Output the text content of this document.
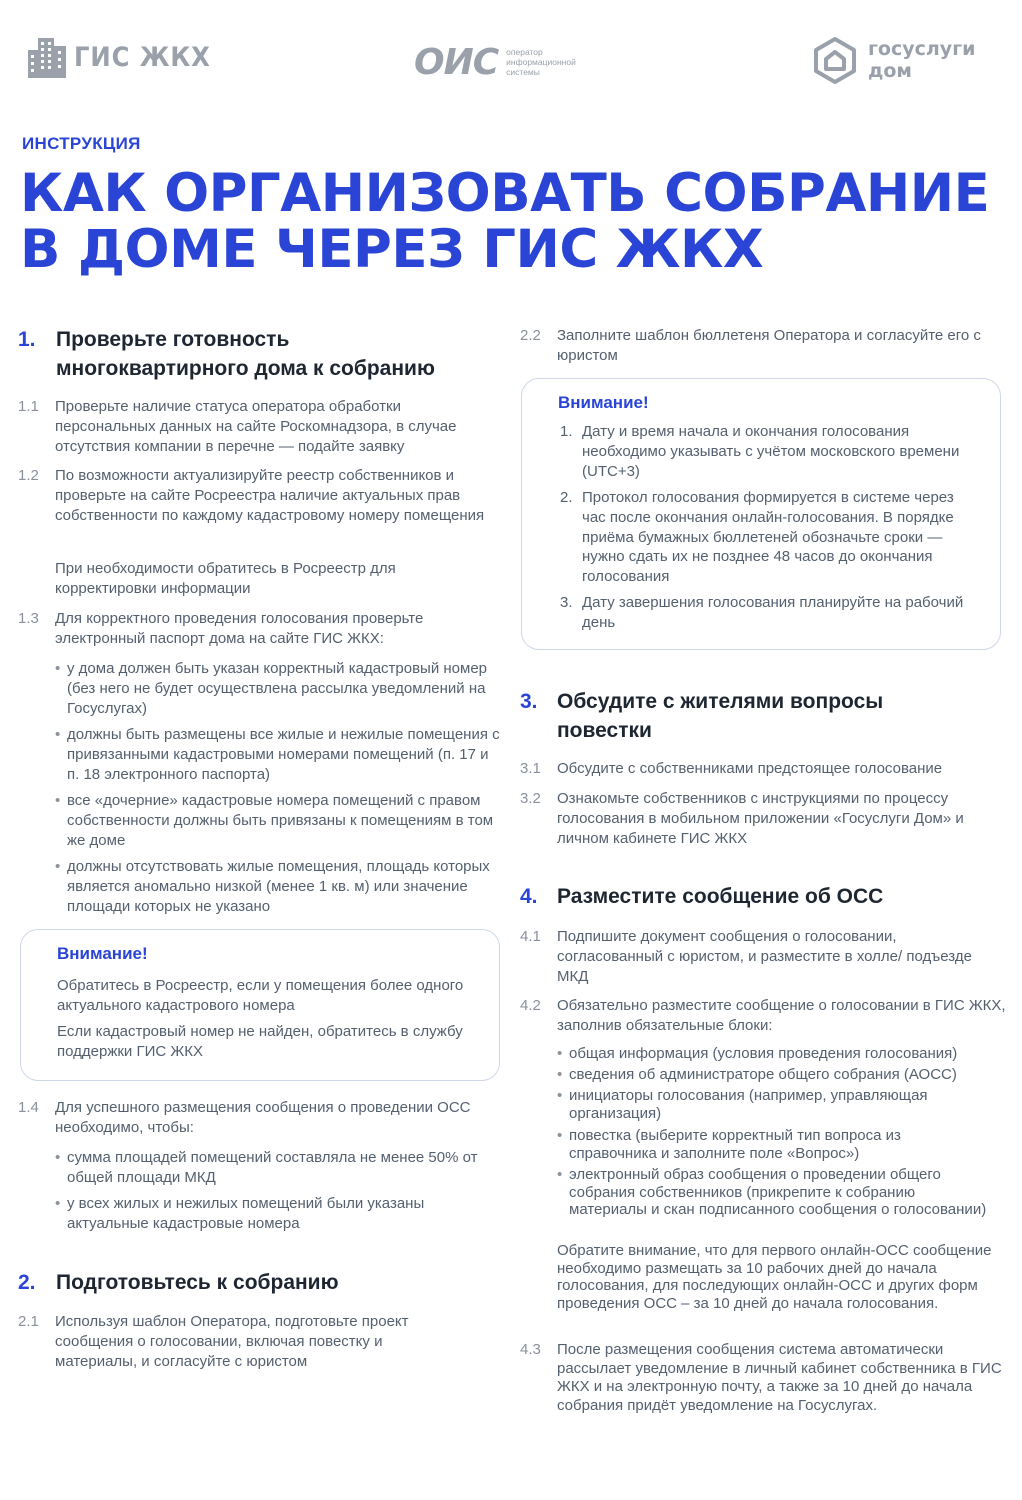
ГИС ЖКХ	ОИС оператор
информационной
системы
госуслуги
дом
ИНСТРУКЦИЯ
КАК ОРГАНИЗОВАТЬ СОБРАНИЕ
В ДОМЕ ЧЕРЕЗ ГИС ЖКХ
1. Проверьте готовность
многоквартирного дома к собранию
1.1	Проверьте наличие статуса оператора обработки персональных данных на сайте Роскомнадзора, в случае отсутствия компании в перечне — подайте заявку
1.2	По возможности актуализируйте реестр собственников и проверьте на сайте Росреестра наличие актуальных прав собственности по каждому кадастровому номеру помещения
При необходимости обратитесь в Росреестр для корректировки информации
1.3	Для корректного проведения голосования проверьте электронный паспорт дома на сайте ГИС ЖКХ:
• у дома должен быть указан корректный кадастровый номер (без него не будет осуществлена рассылка уведомлений на Госуслугах)
• должны быть размещены все жилые и нежилые помещения с привязанными кадастровыми номерами помещений (п. 17 и п. 18 электронного паспорта)
• все «дочерние» кадастровые номера помещений с правом собственности должны быть привязаны к помещениям в том же доме
• должны отсутствовать жилые помещения, площадь которых является аномально низкой (менее 1 кв. м) или значение площади которых не указано
Внимание!
Обратитесь в Росреестр, если у помещения более одного актуального кадастрового номера
Если кадастровый номер не найден, обратитесь в службу поддержки ГИС ЖКХ
1.4	Для успешного размещения сообщения о проведении ОСС необходимо, чтобы:
• сумма площадей помещений составляла не менее 50% от общей площади МКД
• у всех жилых и нежилых помещений были указаны актуальные кадастровые номера
2. Подготовьтесь к собранию
2.1	Используя шаблон Оператора, подготовьте проект сообщения о голосовании, включая повестку и материалы, и согласуйте с юристом
2.2	Заполните шаблон бюллетеня Оператора и согласуйте его с юристом
Внимание!
1. Дату и время начала и окончания голосования необходимо указывать с учётом московского времени (UTC+3)
2. Протокол голосования формируется в системе через час после окончания онлайн-голосования. В порядке приёма бумажных бюллетеней обозначьте сроки — нужно сдать их не позднее 48 часов до окончания голосования
3. Дату завершения голосования планируйте на рабочий день
3. Обсудите с жителями вопросы
повестки
3.1	Обсудите с собственниками предстоящее голосование
3.2	Ознакомьте собственников с инструкциями по процессу голосования в мобильном приложении «Госуслуги Дом» и личном кабинете ГИС ЖКХ
4. Разместите сообщение об ОСС
4.1	Подпишите документ сообщения о голосовании, согласованный с юристом, и разместите в холле/ подъезде МКД
4.2	Обязательно разместите сообщение о голосовании в ГИС ЖКХ, заполнив обязательные блоки:
• общая информация (условия проведения голосования)
• сведения об администраторе общего собрания (АОСС)
• инициаторы голосования (например, управляющая организация)
• повестка (выберите корректный тип вопроса из справочника и заполните поле «Вопрос»)
• электронный образ сообщения о проведении общего собрания собственников (прикрепите к собранию материалы и скан подписанного сообщения о голосовании)
Обратите внимание, что для первого онлайн-ОСС сообщение необходимо размещать за 10 рабочих дней до начала голосования, для последующих онлайн-ОСС и других форм проведения ОСС – за 10 дней до начала голосования.
4.3	После размещения сообщения система автоматически рассылает уведомление в личный кабинет собственника в ГИС ЖКХ и на электронную почту, а также за 10 дней до начала собрания придёт уведомление на Госуслугах.
